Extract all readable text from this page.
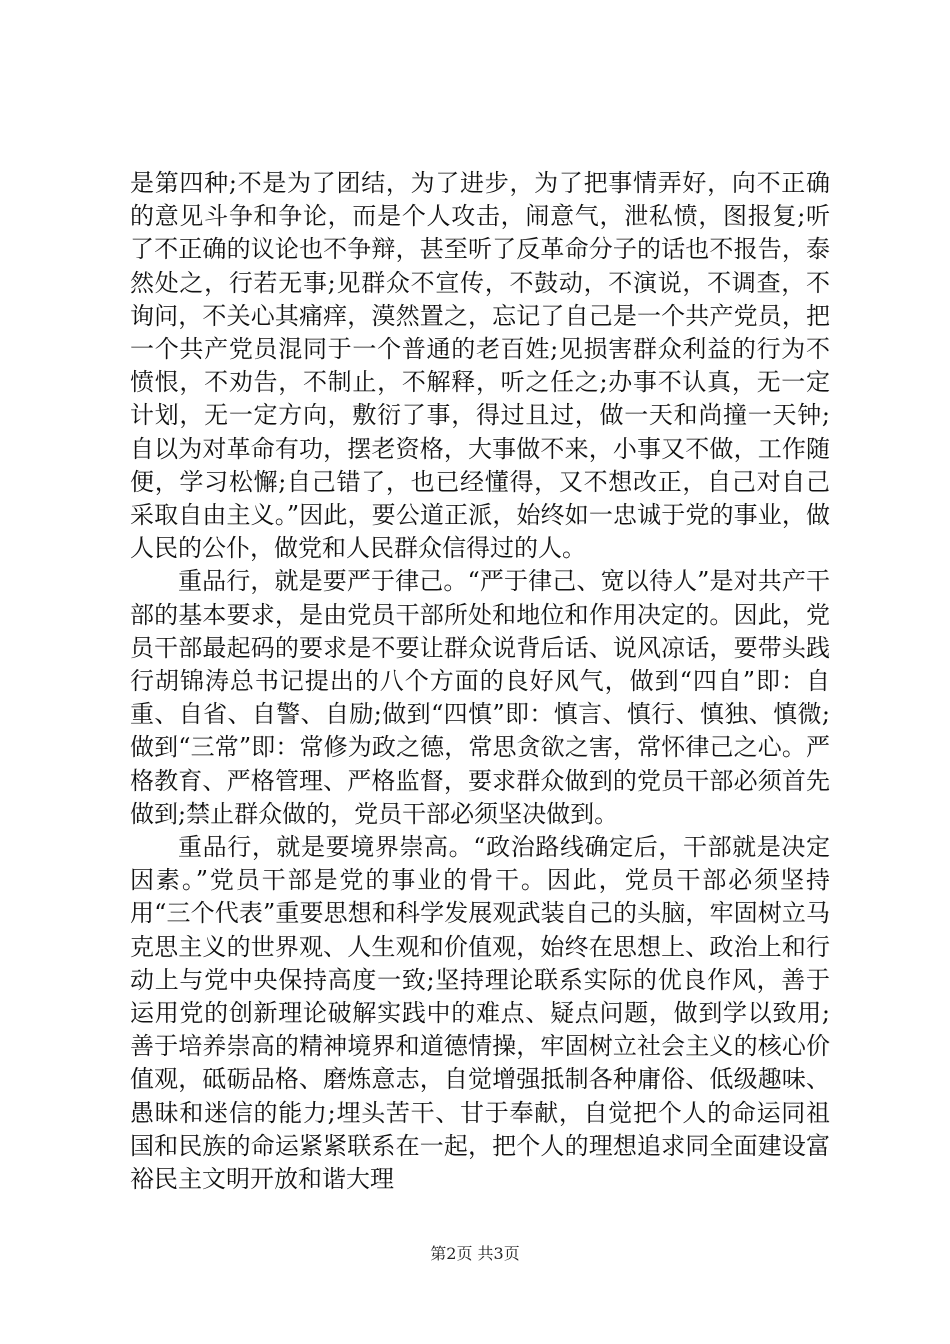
是第四种;不是为了团结，为了进步，为了把事情弄好，向不正确的意见斗争和争论，而是个人攻击，闹意气，泄私愤，图报复;听了不正确的议论也不争辩，甚至听了反革命分子的话也不报告，泰然处之，行若无事;见群众不宣传，不鼓动，不演说，不调查，不询问，不关心其痛痒，漠然置之，忘记了自己是一个共产党员，把一个共产党员混同于一个普通的老百姓;见损害群众利益的行为不愤恨，不劝告，不制止，不解释，听之任之;办事不认真，无一定计划，无一定方向，敷衍了事，得过且过，做一天和尚撞一天钟;自以为对革命有功，摆老资格，大事做不来，小事又不做，工作随便，学习松懈;自己错了，也已经懂得，又不想改正，自己对自己采取自由主义。”因此，要公道正派，始终如一忠诚于党的事业，做人民的公仆，做党和人民群众信得过的人。

重品行，就是要严于律己。“严于律己、宽以待人”是对共产干部的基本要求，是由党员干部所处和地位和作用决定的。因此，党员干部最起码的要求是不要让群众说背后话、说风凉话，要带头践行胡锦涛总书记提出的八个方面的良好风气，做到“四自”即：自重、自省、自警、自励;做到“四慎”即：慎言、慎行、慎独、慎微;做到“三常”即：常修为政之德，常思贪欲之害，常怀律己之心。严格教育、严格管理、严格监督，要求群众做到的党员干部必须首先做到;禁止群众做的，党员干部必须坚决做到。

重品行，就是要境界崇高。“政治路线确定后，干部就是决定因素。”党员干部是党的事业的骨干。因此，党员干部必须坚持用“三个代表”重要思想和科学发展观武装自己的头脑，牢固树立马克思主义的世界观、人生观和价值观，始终在思想上、政治上和行动上与党中央保持高度一致;坚持理论联系实际的优良作风，善于运用党的创新理论破解实践中的难点、疑点问题，做到学以致用;善于培养崇高的精神境界和道德情操，牢固树立社会主义的核心价值观，砥砺品格、磨炼意志，自觉增强抵制各种庸俗、低级趣味、愚昧和迷信的能力;埋头苦干、甘于奉献，自觉把个人的命运同祖国和民族的命运紧紧联系在一起，把个人的理想追求同全面建设富裕民主文明开放和谐大理

第2页 共3页
